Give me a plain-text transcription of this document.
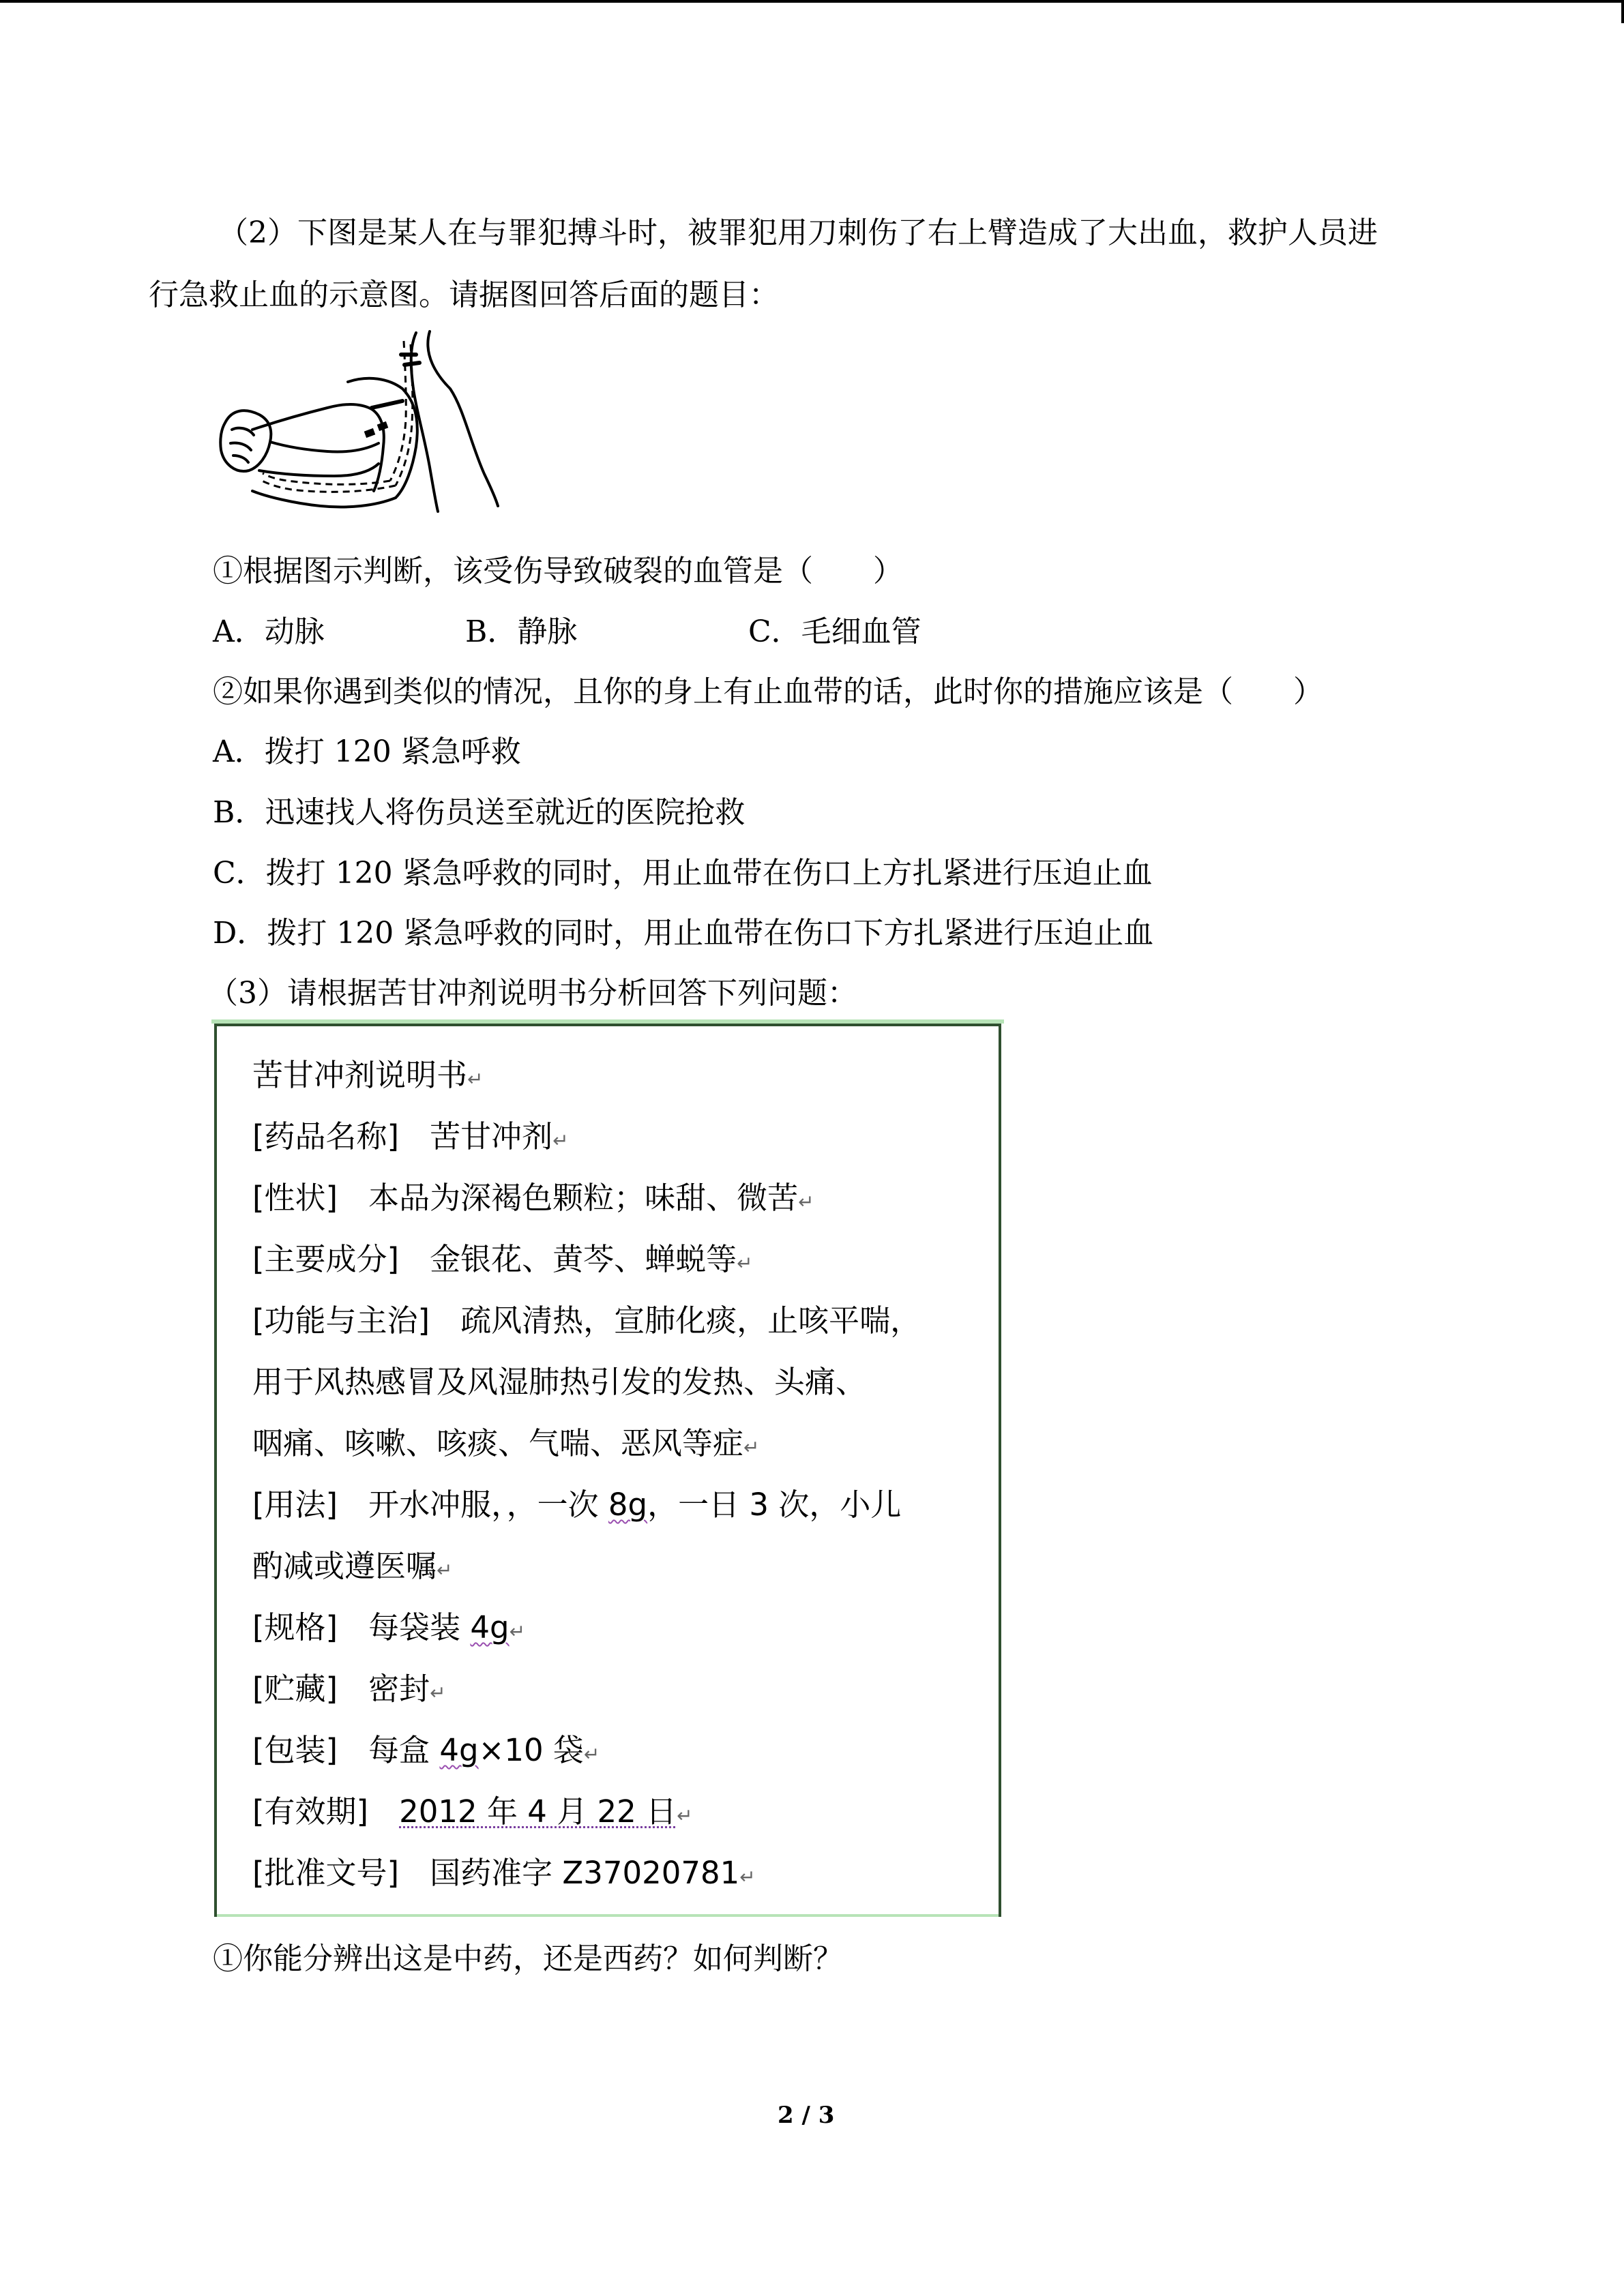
（2）下图是某人在与罪犯搏斗时，被罪犯用刀刺伤了右上臂造成了大出血，救护人员进
行急救止血的示意图。请据图回答后面的题目：
①根据图示判断，该受伤导致破裂的血管是（　　）
A．动脉	B．静脉	C．毛细血管
②如果你遇到类似的情况，且你的身上有止血带的话，此时你的措施应该是（　　）
A．拨打 120 紧急呼救
B．迅速找人将伤员送至就近的医院抢救
C．拨打 120 紧急呼救的同时，用止血带在伤口上方扎紧进行压迫止血
D．拨打 120 紧急呼救的同时，用止血带在伤口下方扎紧进行压迫止血
（3）请根据苦甘冲剂说明书分析回答下列问题：
苦甘冲剂说明书↵
[药品名称]　苦甘冲剂↵
[性状]　本品为深褐色颗粒；味甜、微苦↵
[主要成分]　金银花、黄芩、蝉蜕等↵
[功能与主治]　疏风清热，宣肺化痰，止咳平喘，
用于风热感冒及风湿肺热引发的发热、头痛、
咽痛、咳嗽、咳痰、气喘、恶风等症↵
[用法]　开水冲服，，一次 8g，一日 3 次，小儿
酌减或遵医嘱↵
[规格]　每袋装 4g↵
[贮藏]　密封↵
[包装]　每盒 4g×10 袋↵
[有效期]　2012 年 4 月 22 日↵
[批准文号]　国药准字 Z37020781↵
①你能分辨出这是中药，还是西药？如何判断？
2 / 3
